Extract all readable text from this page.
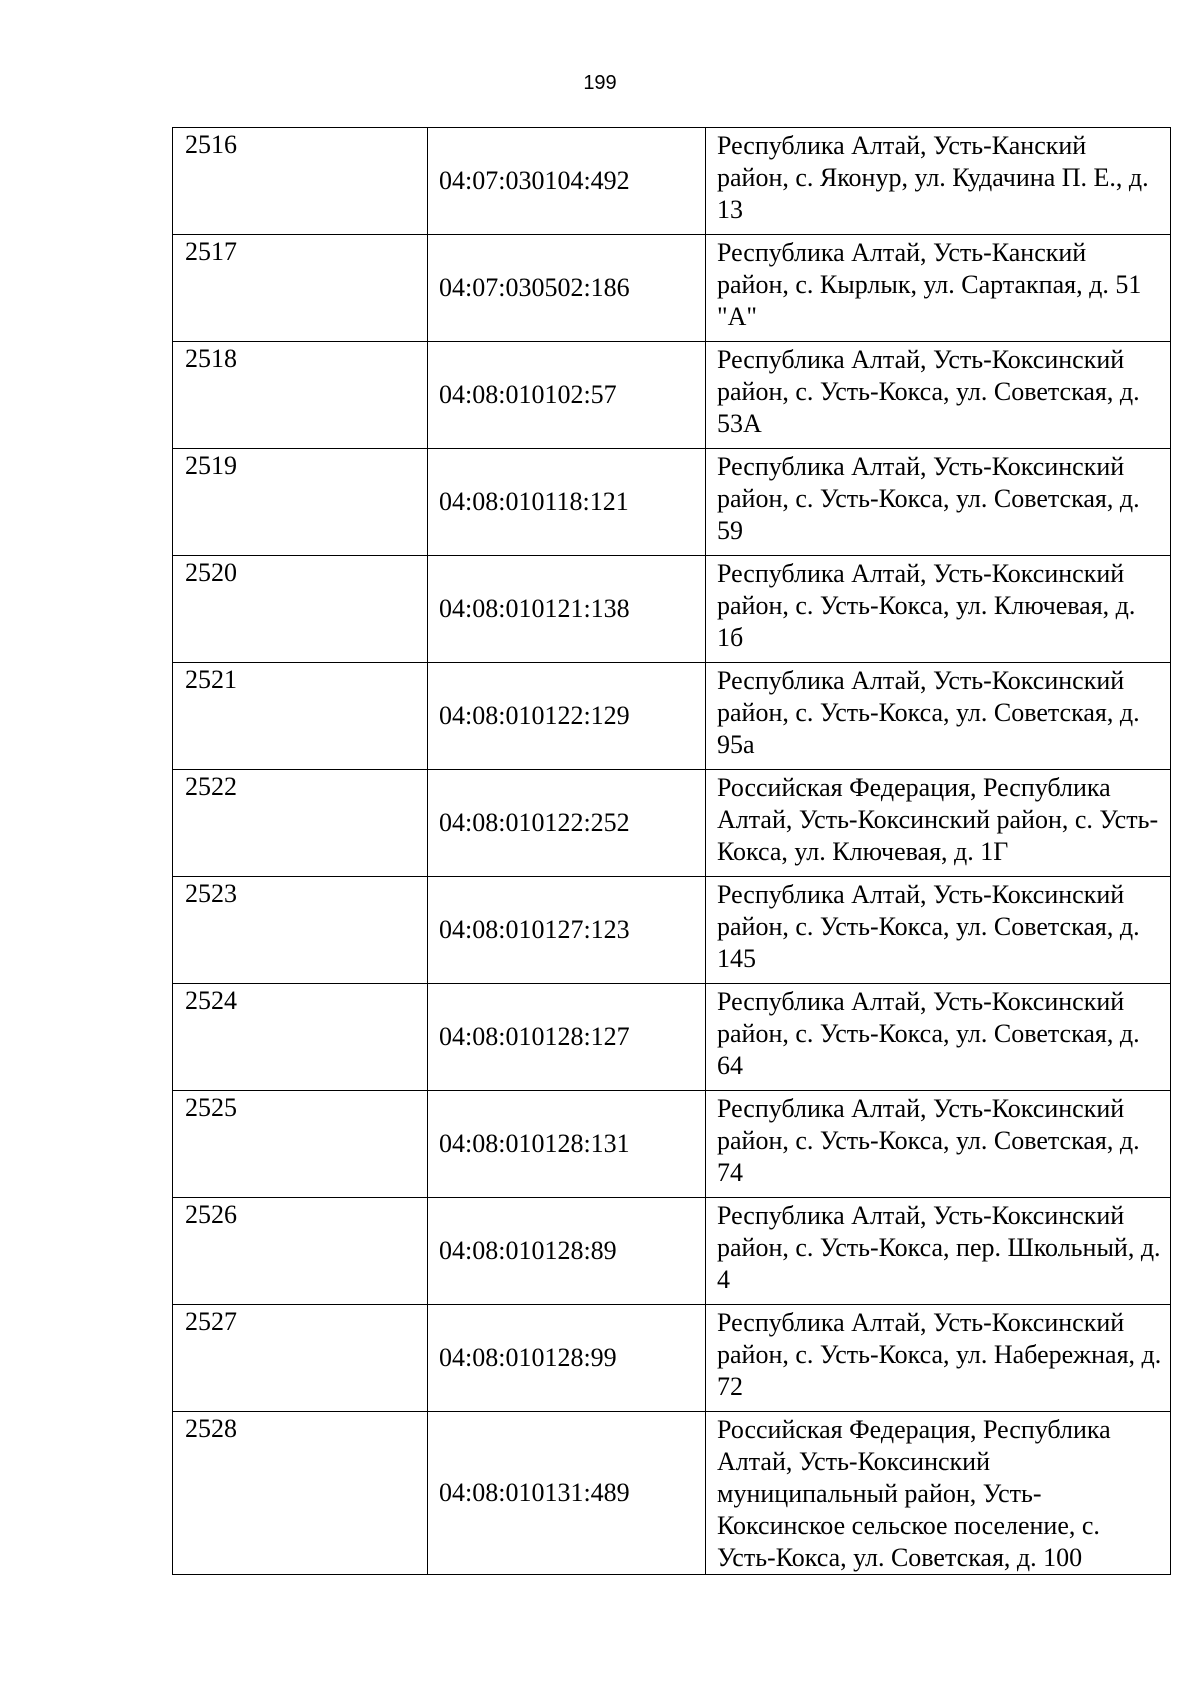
199
2516	04:07:030104:492	Республика Алтай, Усть-Канский район, с. Яконур, ул. Кудачина П. Е., д. 13
2517	04:07:030502:186	Республика Алтай, Усть-Канский район, с. Кырлык, ул. Сартакпая, д. 51 "А"
2518	04:08:010102:57	Республика Алтай, Усть-Коксинский район, с. Усть-Кокса, ул. Советская, д. 53А
2519	04:08:010118:121	Республика Алтай, Усть-Коксинский район, с. Усть-Кокса, ул. Советская, д. 59
2520	04:08:010121:138	Республика Алтай, Усть-Коксинский район, с. Усть-Кокса, ул. Ключевая, д. 1б
2521	04:08:010122:129	Республика Алтай, Усть-Коксинский район, с. Усть-Кокса, ул. Советская, д. 95а
2522	04:08:010122:252	Российская Федерация, Республика Алтай, Усть-Коксинский район, с. Усть-Кокса, ул. Ключевая, д. 1Г
2523	04:08:010127:123	Республика Алтай, Усть-Коксинский район, с. Усть-Кокса, ул. Советская, д. 145
2524	04:08:010128:127	Республика Алтай, Усть-Коксинский район, с. Усть-Кокса, ул. Советская, д. 64
2525	04:08:010128:131	Республика Алтай, Усть-Коксинский район, с. Усть-Кокса, ул. Советская, д. 74
2526	04:08:010128:89	Республика Алтай, Усть-Коксинский район, с. Усть-Кокса, пер. Школьный, д. 4
2527	04:08:010128:99	Республика Алтай, Усть-Коксинский район, с. Усть-Кокса, ул. Набережная, д. 72
2528	04:08:010131:489	Российская Федерация, Республика Алтай, Усть-Коксинский муниципальный район, Усть-Коксинское сельское поселение, с. Усть-Кокса, ул. Советская, д. 100
